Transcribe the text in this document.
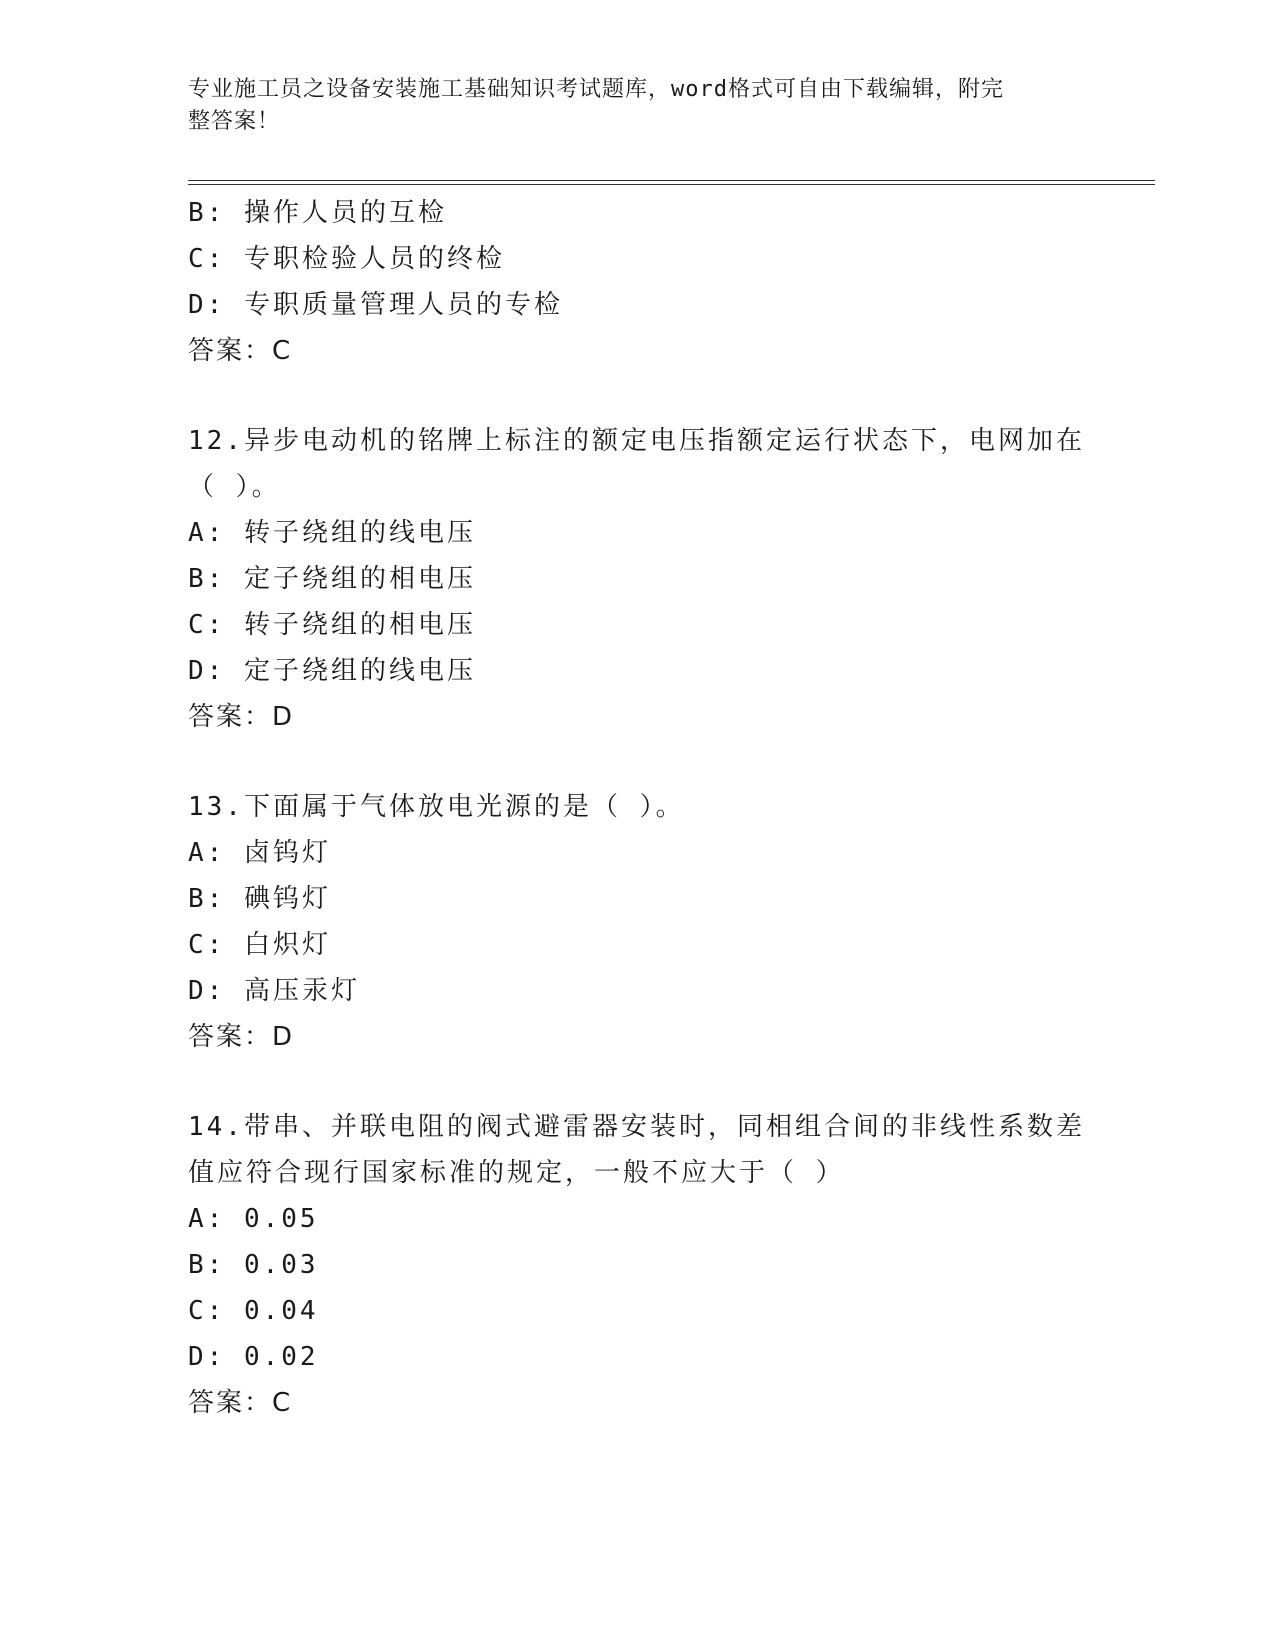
专业施工员之设备安装施工基础知识考试题库，word格式可自由下载编辑，附完
整答案！
B: 操作人员的互检
C: 专职检验人员的终检
D: 专职质量管理人员的专检
答案：C
12.异步电动机的铭牌上标注的额定电压指额定运行状态下，电网加在
（ ）。
A: 转子绕组的线电压
B: 定子绕组的相电压
C: 转子绕组的相电压
D: 定子绕组的线电压
答案：D
13.下面属于气体放电光源的是（ ）。
A: 卤钨灯
B: 碘钨灯
C: 白炽灯
D: 高压汞灯
答案：D
14.带串、并联电阻的阀式避雷器安装时，同相组合间的非线性系数差
值应符合现行国家标准的规定，一般不应大于（ ）
A: 0.05
B: 0.03
C: 0.04
D: 0.02
答案：C
